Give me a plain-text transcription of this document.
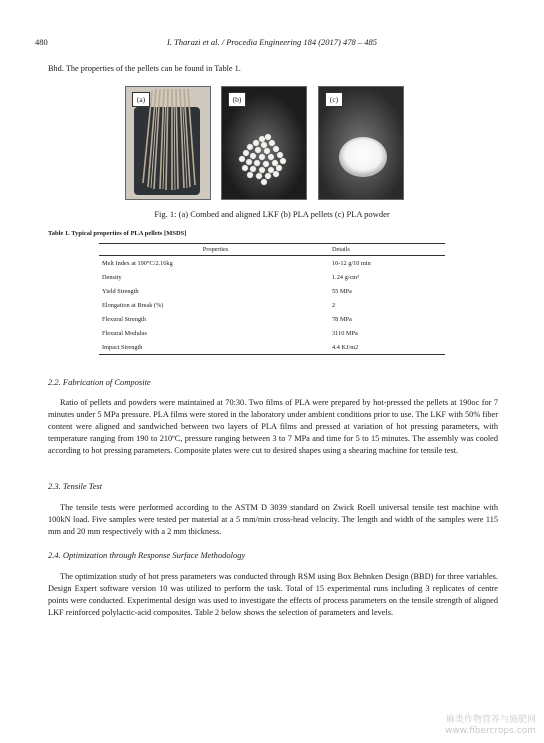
480	I. Tharazi et al. / Procedia Engineering 184 (2017) 478 – 485
Bhd. The properties of the pellets can be found in Table 1.
(a)	(b)	(c)
Fig. 1: (a) Combed and aligned LKF (b) PLA pellets (c) PLA powder
Table 1. Typical properties of PLA pellets [MSDS]
Properties	Details
Melt Index at 190°C/2.16kg	10-12 g/10 min
Density	1.24 g/cm³
Yield Strength	55 MPa
Elongation at Break (%)	2
Flexural Strength	78 MPa
Flexural Modulus	3110 MPa
Impact Strength	4.4 KJ/m2
2.2. Fabrication of Composite
Ratio of pellets and powders were maintained at 70:30. Two films of PLA were prepared by hot-pressed the pellets at 190oc for 7 minutes under 5 MPa pressure. PLA films were stored in the laboratory under ambient conditions prior to use. The LKF with 50% fiber content were aligned and sandwiched between two layers of PLA films and pressed at variation of hot pressing parameters, with temperature ranging from 190 to 210ºC, pressure ranging between 3 to 7 MPa and time for 5 to 15 minutes. The assembly was cooled according to hot pressing parameters. Composite plates were cut to desired shapes using a shearing machine for tensile test.
2.3. Tensile Test
The tensile tests were performed according to the ASTM D 3039 standard on Zwick Roell universal tensile test machine with 100kN load. Five samples were tested per material at a 5 mm/min cross-head velocity. The length and width of the samples were 115 mm and 20 mm respectively with a 2 mm thickness.
2.4. Optimization through Response Surface Methodology
The optimization study of hot press parameters was conducted through RSM using Box Behnken Design (BBD) for three variables. Design Expert software version 10 was utilized to perform the task. Total of 15 experimental runs including 3 replicates of centre points were conducted. Experimental design was used to investigate the effects of process parameters on the tensile strength of aligned LKF reinforced polylactic-acid composites. Table 2 below shows the selection of parameters and levels.
麻类作物营养与施肥网
www.fibercrops.com
